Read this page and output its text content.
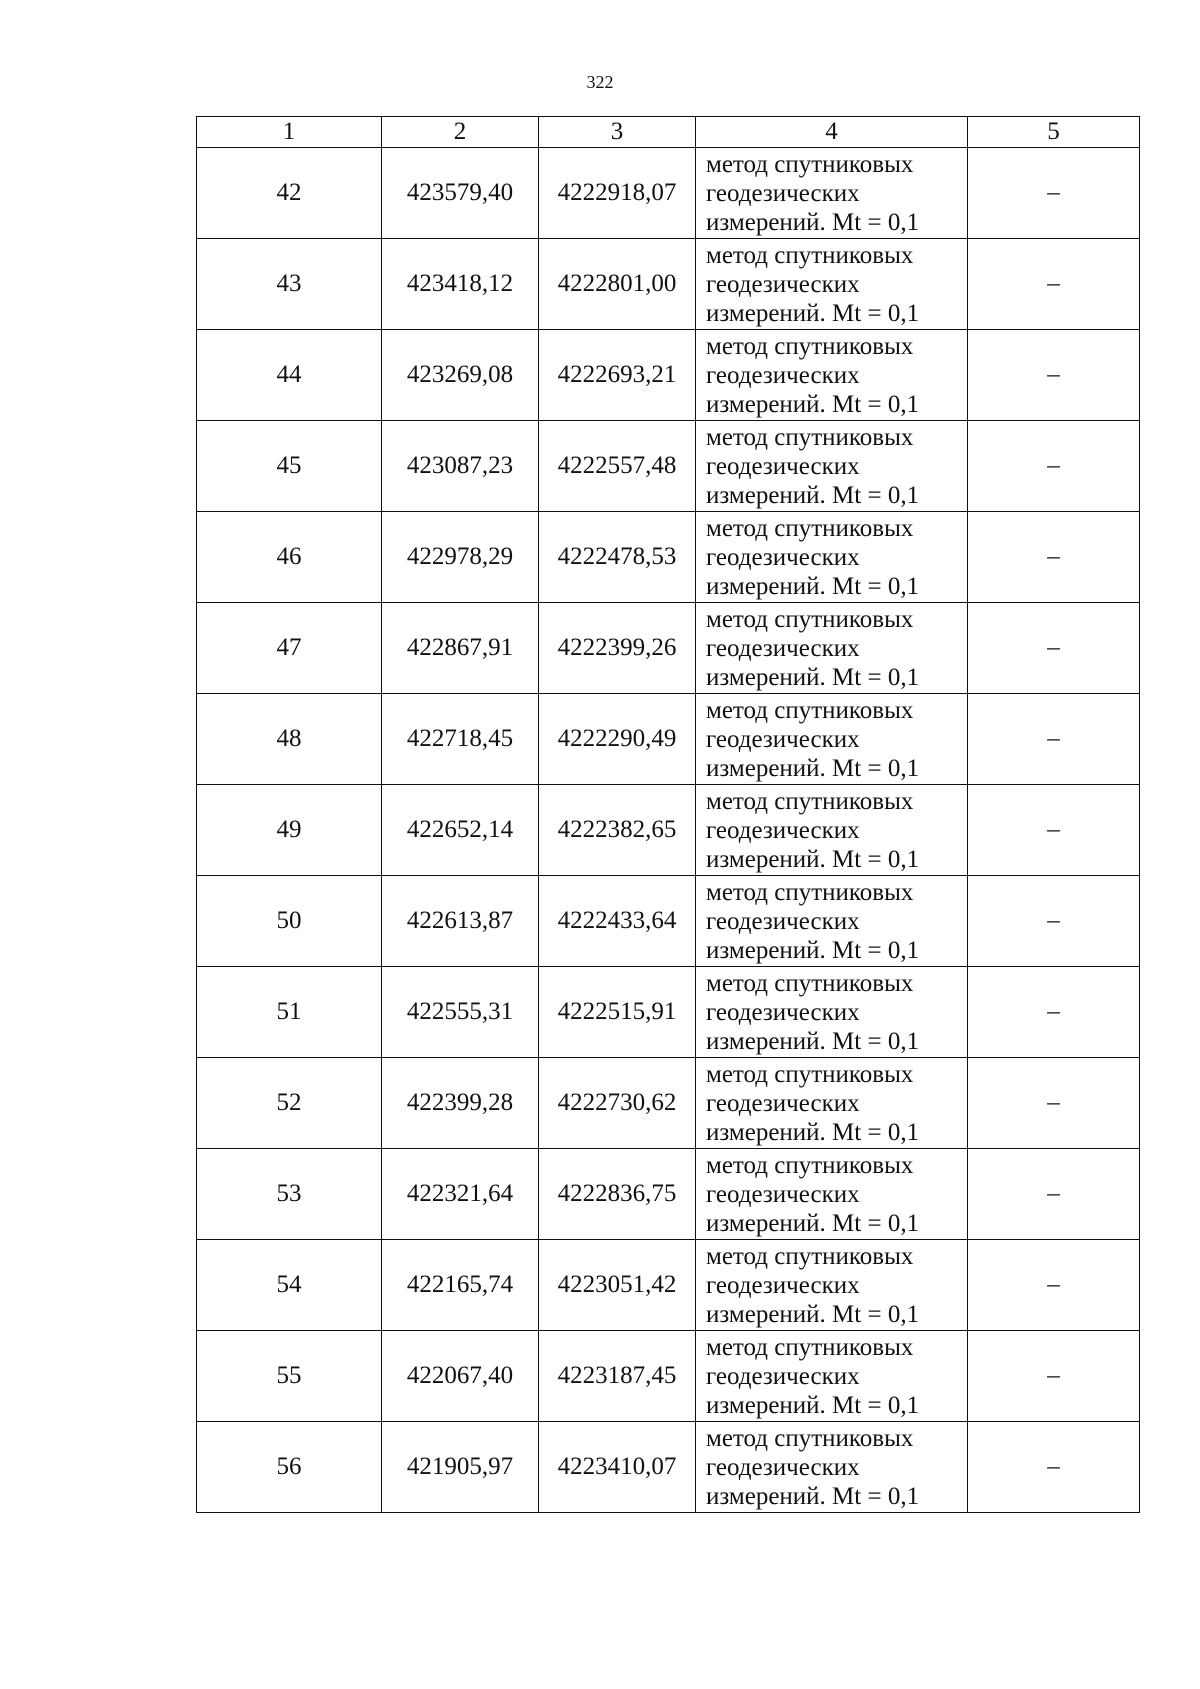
322
1	2	3	4	5
42	423579,40	4222918,07	метод спутниковых
геодезических
измерений. Mt = 0,1	–
43	423418,12	4222801,00	метод спутниковых
геодезических
измерений. Mt = 0,1	–
44	423269,08	4222693,21	метод спутниковых
геодезических
измерений. Mt = 0,1	–
45	423087,23	4222557,48	метод спутниковых
геодезических
измерений. Mt = 0,1	–
46	422978,29	4222478,53	метод спутниковых
геодезических
измерений. Mt = 0,1	–
47	422867,91	4222399,26	метод спутниковых
геодезических
измерений. Mt = 0,1	–
48	422718,45	4222290,49	метод спутниковых
геодезических
измерений. Mt = 0,1	–
49	422652,14	4222382,65	метод спутниковых
геодезических
измерений. Mt = 0,1	–
50	422613,87	4222433,64	метод спутниковых
геодезических
измерений. Mt = 0,1	–
51	422555,31	4222515,91	метод спутниковых
геодезических
измерений. Mt = 0,1	–
52	422399,28	4222730,62	метод спутниковых
геодезических
измерений. Mt = 0,1	–
53	422321,64	4222836,75	метод спутниковых
геодезических
измерений. Mt = 0,1	–
54	422165,74	4223051,42	метод спутниковых
геодезических
измерений. Mt = 0,1	–
55	422067,40	4223187,45	метод спутниковых
геодезических
измерений. Mt = 0,1	–
56	421905,97	4223410,07	метод спутниковых
геодезических
измерений. Mt = 0,1	–
